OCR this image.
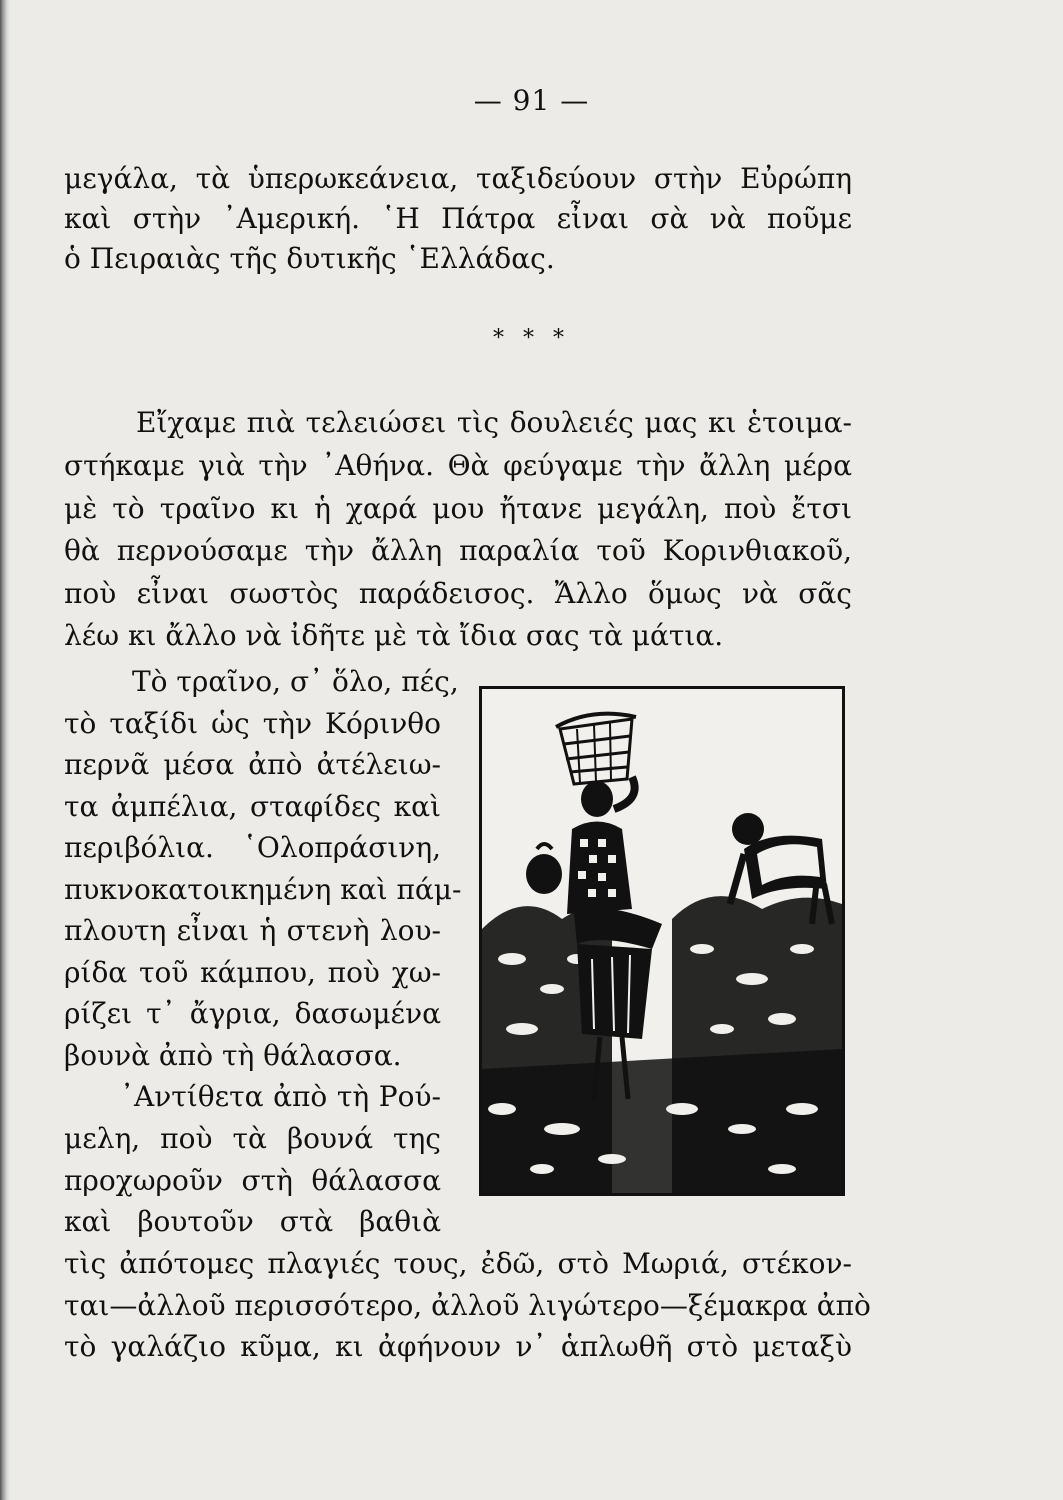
— 91 —
μεγάλα, τὰ ὑπερωκεάνεια, ταξιδεύουν στὴν Εὐρώπη
καὶ στὴν ᾿Αμερική. ῾Η Πάτρα εἶναι σὰ νὰ ποῦμε
ὁ Πειραιὰς τῆς δυτικῆς ῾Ελλάδας.
* * *
Εἴχαμε πιὰ τελειώσει τὶς δουλειές μας κι ἑτοιμα-
στήκαμε γιὰ τὴν ᾿Αθήνα. Θὰ φεύγαμε τὴν ἄλλη μέρα
μὲ τὸ τραῖνο κι ἡ χαρά μου ἤτανε μεγάλη, ποὺ ἔτσι
θὰ περνούσαμε τὴν ἄλλη παραλία τοῦ Κορινθιακοῦ,
ποὺ εἶναι σωστὸς παράδεισος. Ἄλλο ὅμως νὰ σᾶς
λέω κι ἄλλο νὰ ἰδῆτε μὲ τὰ ἴδια σας τὰ μάτια.
Τὸ τραῖνο, σ᾿ ὅλο, πές,
τὸ ταξίδι ὡς τὴν Κόρινθο
περνᾶ μέσα ἀπὸ ἀτέλειω-
τα ἀμπέλια, σταφίδες καὶ
περιβόλια. ῾Ολοπράσινη,
πυκνοκατοικημένη καὶ πάμ-
πλουτη εἶναι ἡ στενὴ λου-
ρίδα τοῦ κάμπου, ποὺ χω-
ρίζει τ᾿ ἄγρια, δασωμένα
βουνὰ ἀπὸ τὴ θάλασσα.
᾿Αντίθετα ἀπὸ τὴ Ρού-
μελη, ποὺ τὰ βουνά της
προχωροῦν στὴ θάλασσα
καὶ βουτοῦν στὰ βαθιὰ
τὶς ἀπότομες πλαγιές τους, ἐδῶ, στὸ Μωριά, στέκον-
ται—ἀλλοῦ περισσότερο, ἀλλοῦ λιγώτερο—ξέμακρα ἀπὸ
τὸ γαλάζιο κῦμα, κι ἀφήνουν ν᾿ ἁπλωθῆ στὸ μεταξὺ
